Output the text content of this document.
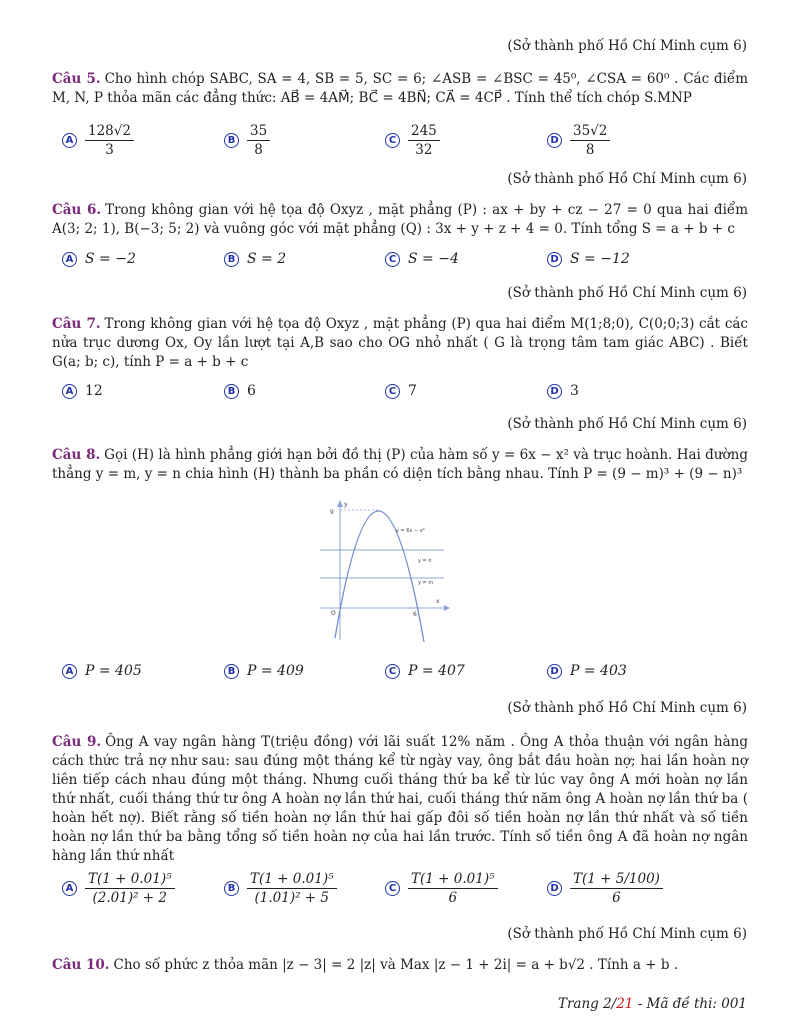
(Sở thành phố Hồ Chí Minh cụm 6)
Câu 5. Cho hình chóp SABC, SA = 4, SB = 5, SC = 6; ∠ASB = ∠BSC = 45⁰, ∠CSA = 60⁰ . Các điểm M, N, P thỏa mãn các đẳng thức: AB⃗ = 4AM⃗; BC⃗ = 4BN⃗; CA⃗ = 4CP⃗ . Tính thể tích chóp S.MNP
A $\frac{128√2}{3}$	B $\frac{35}{8}$	C $\frac{245}{32}$	D $\frac{35√2}{8}$
(Sở thành phố Hồ Chí Minh cụm 6)
Câu 6. Trong không gian với hệ tọa độ Oxyz , mặt phẳng (P) : ax + by + cz − 27 = 0 qua hai điểm A(3; 2; 1), B(−3; 5; 2) và vuông góc với mặt phẳng (Q) : 3x + y + z + 4 = 0. Tính tổng S = a + b + c
A S = −2	B S = 2	C S = −4	D S = −12
(Sở thành phố Hồ Chí Minh cụm 6)
Câu 7. Trong không gian với hệ tọa độ Oxyz , mặt phẳng (P) qua hai điểm M(1;8;0), C(0;0;3) cắt các nửa trục dương Ox, Oy lần lượt tại A,B sao cho OG nhỏ nhất ( G là trọng tâm tam giác ABC) . Biết G(a; b; c), tính P = a + b + c
A 12	B 6	C 7	D 3
(Sở thành phố Hồ Chí Minh cụm 6)
Câu 8. Gọi (H) là hình phẳng giới hạn bởi đồ thị (P) của hàm số y = 6x − x² và trục hoành. Hai đường thẳng y = m, y = n chia hình (H) thành ba phần có diện tích bằng nhau. Tính P = (9 − m)³ + (9 − n)³
9
y
x
O	6
y = 6x − x²
y = n
y = m
A P = 405	B P = 409	C P = 407	D P = 403
(Sở thành phố Hồ Chí Minh cụm 6)
Câu 9. Ông A vay ngân hàng T(triệu đồng) với lãi suất 12% năm . Ông A thỏa thuận với ngân hàng cách thức trả nợ như sau: sau đúng một tháng kể từ ngày vay, ông bắt đầu hoàn nợ; hai lần hoàn nợ liên tiếp cách nhau đúng một tháng. Nhưng cuối tháng thứ ba kể từ lúc vay ông A mới hoàn nợ lần thứ nhất, cuối tháng thứ tư ông A hoàn nợ lần thứ hai, cuối tháng thứ năm ông A hoàn nợ lần thứ ba ( hoàn hết nợ). Biết rằng số tiền hoàn nợ lần thứ hai gấp đôi số tiền hoàn nợ lần thứ nhất và số tiền hoàn nợ lần thứ ba bằng tổng số tiền hoàn nợ của hai lần trước. Tính số tiền ông A đã hoàn nợ ngân hàng lần thứ nhất
A $\frac{\text{T(1 + 0.01)⁵}}{\text{(2.01)² + 2}}$	B $\frac{\text{T(1 + 0.01)⁵}}{\text{(1.01)² + 5}}$	C $\frac{\text{T(1 + 0.01)⁵}}{6}$	D $\frac{T(1 + 5/100)}{6}$
(Sở thành phố Hồ Chí Minh cụm 6)
Câu 10. Cho số phức z thỏa mãn |z − 3| = 2 |z| và Max |z − 1 + 2i| = a + b√2 . Tính a + b .
Trang 2/21 - Mã đề thi: 001
